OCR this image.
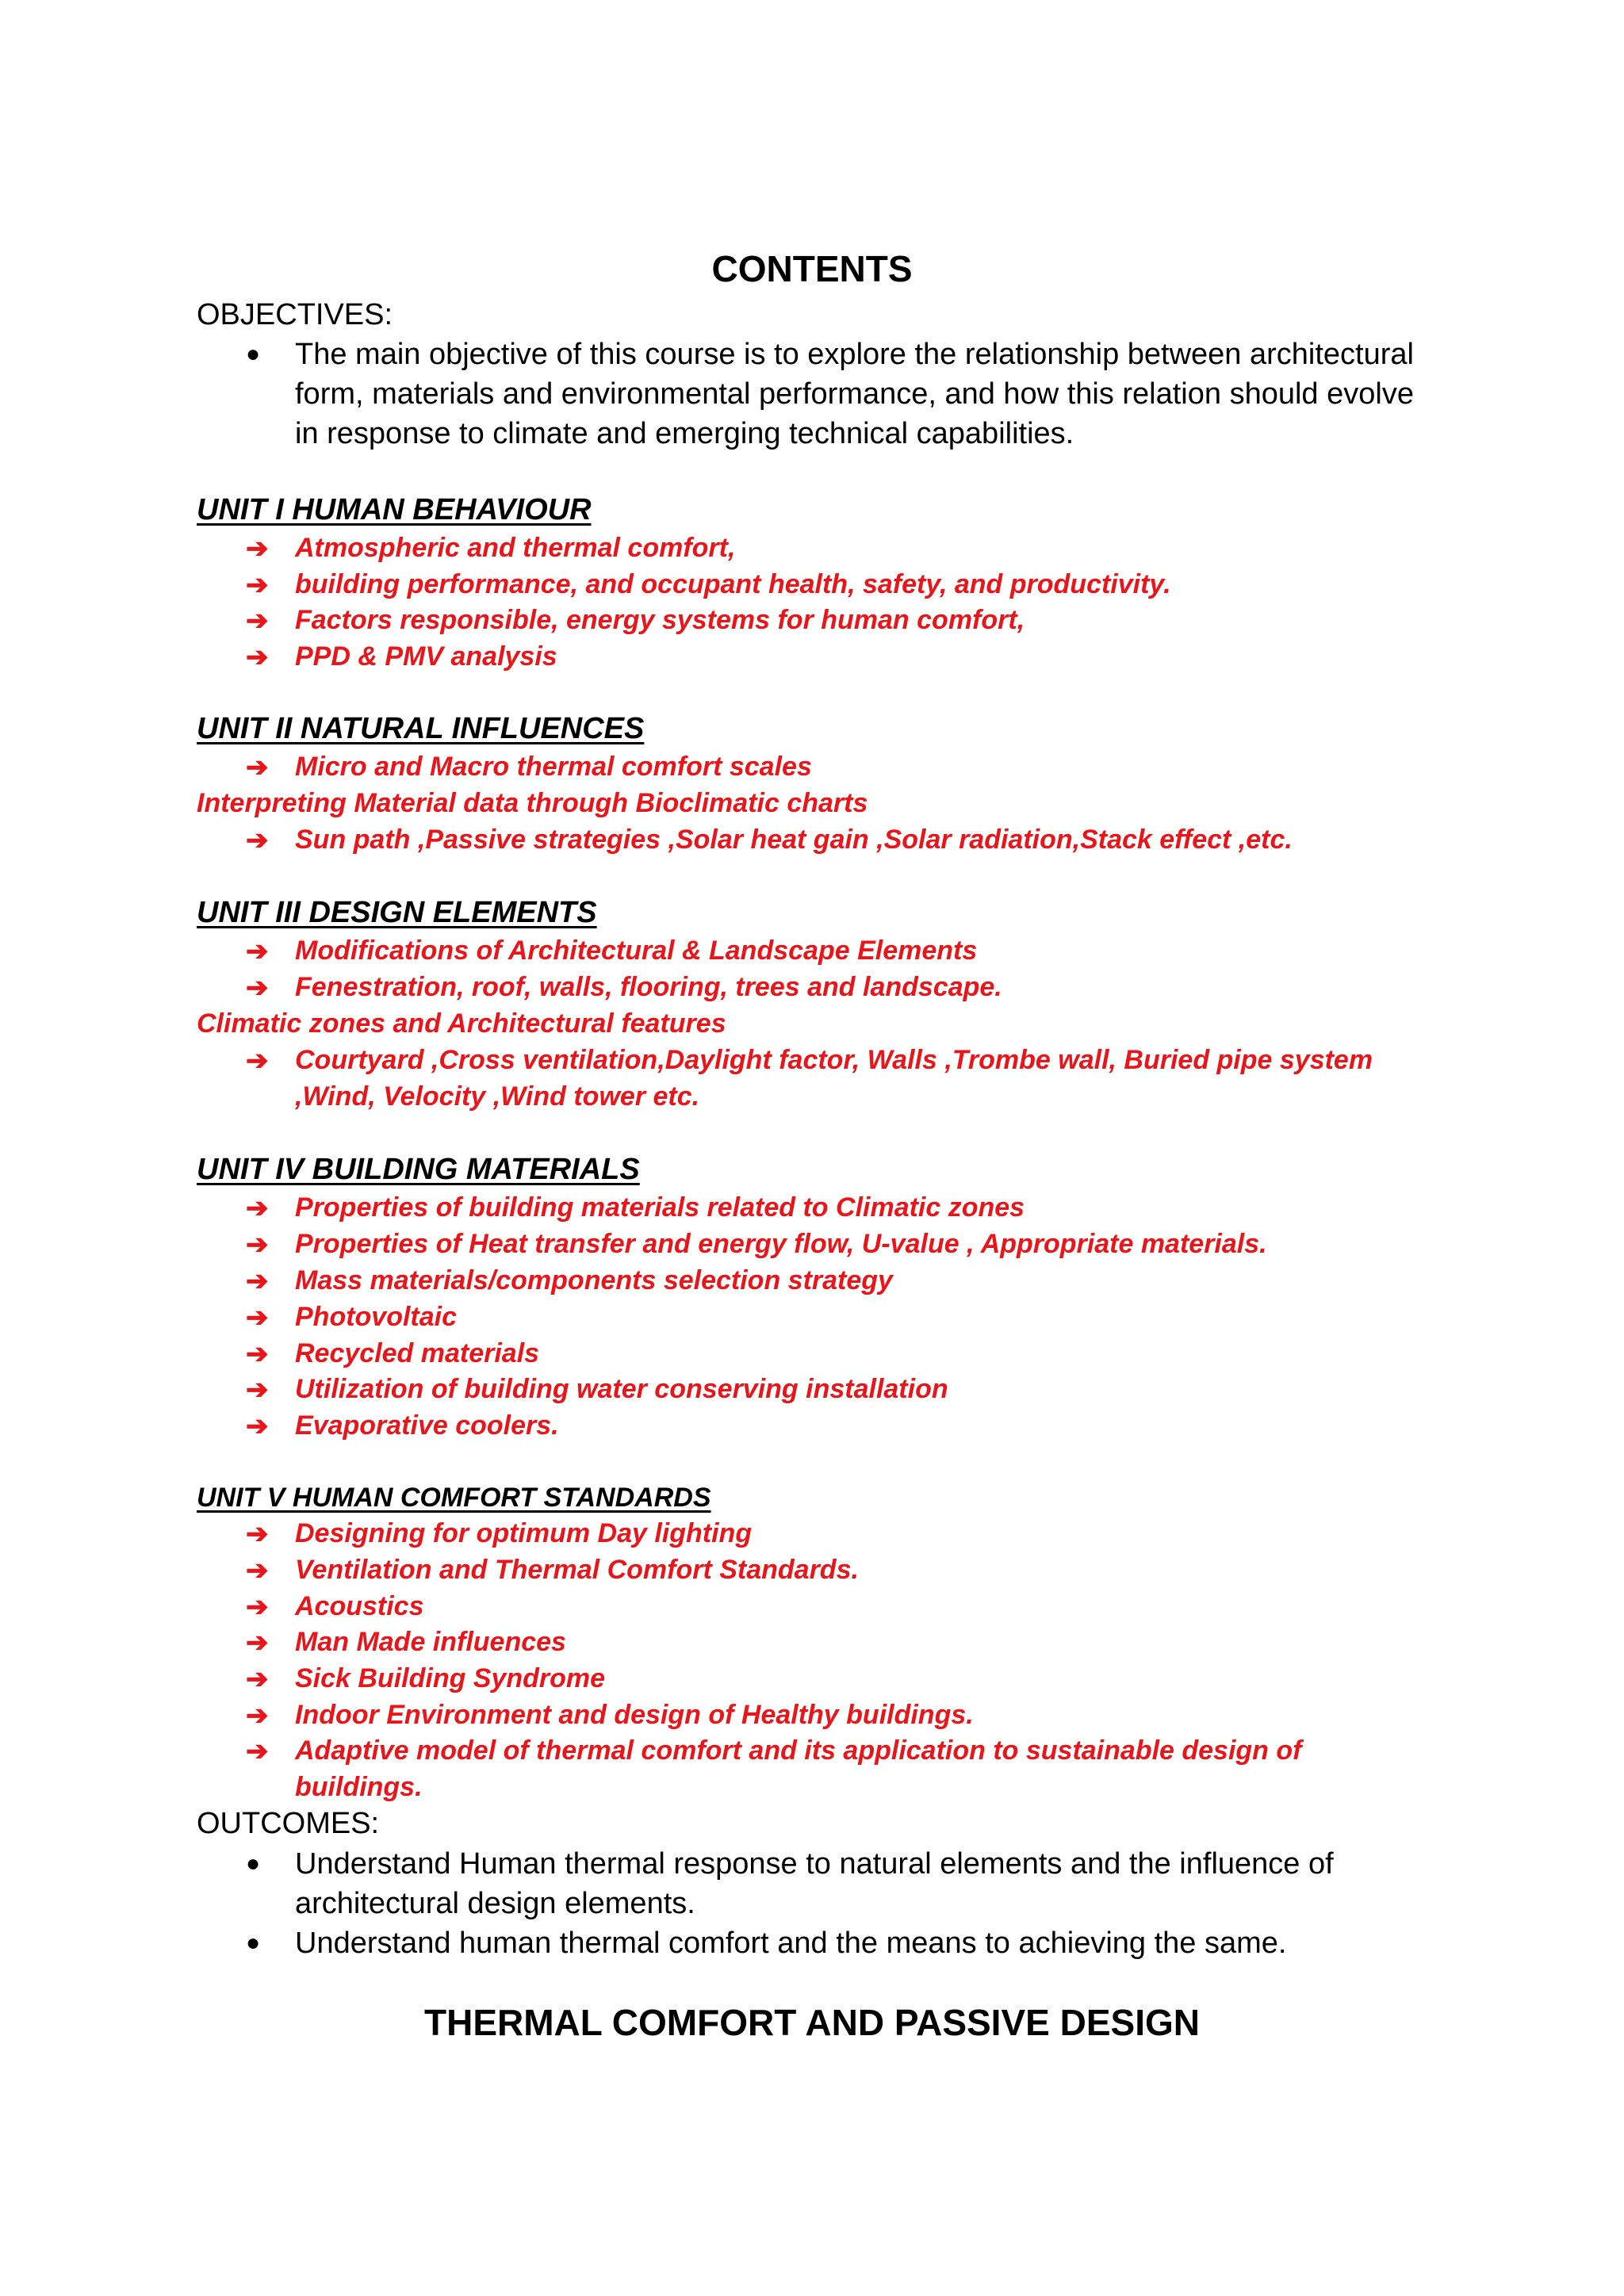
CONTENTS
OBJECTIVES:
● The main objective of this course is to explore the relationship between architectural
form, materials and environmental performance, and how this relation should evolve
in response to climate and emerging technical capabilities.
UNIT I HUMAN BEHAVIOUR
➔ Atmospheric and thermal comfort,
➔ building performance, and occupant health, safety, and productivity.
➔ Factors responsible, energy systems for human comfort,
➔ PPD & PMV analysis
UNIT II NATURAL INFLUENCES
➔ Micro and Macro thermal comfort scales
Interpreting Material data through Bioclimatic charts
➔ Sun path ,Passive strategies ,Solar heat gain ,Solar radiation,Stack effect ,etc.
UNIT III DESIGN ELEMENTS
➔ Modifications of Architectural & Landscape Elements
➔ Fenestration, roof, walls, flooring, trees and landscape.
Climatic zones and Architectural features
➔ Courtyard ,Cross ventilation,Daylight factor, Walls ,Trombe wall, Buried pipe system
,Wind, Velocity ,Wind tower etc.
UNIT IV BUILDING MATERIALS
➔ Properties of building materials related to Climatic zones
➔ Properties of Heat transfer and energy flow, U-value , Appropriate materials.
➔ Mass materials/components selection strategy
➔ Photovoltaic
➔ Recycled materials
➔ Utilization of building water conserving installation
➔ Evaporative coolers.
UNIT V HUMAN COMFORT STANDARDS
➔ Designing for optimum Day lighting
➔ Ventilation and Thermal Comfort Standards.
➔ Acoustics
➔ Man Made influences
➔ Sick Building Syndrome
➔ Indoor Environment and design of Healthy buildings.
➔ Adaptive model of thermal comfort and its application to sustainable design of
buildings.
OUTCOMES:
● Understand Human thermal response to natural elements and the influence of
architectural design elements.
● Understand human thermal comfort and the means to achieving the same.
THERMAL COMFORT AND PASSIVE DESIGN
